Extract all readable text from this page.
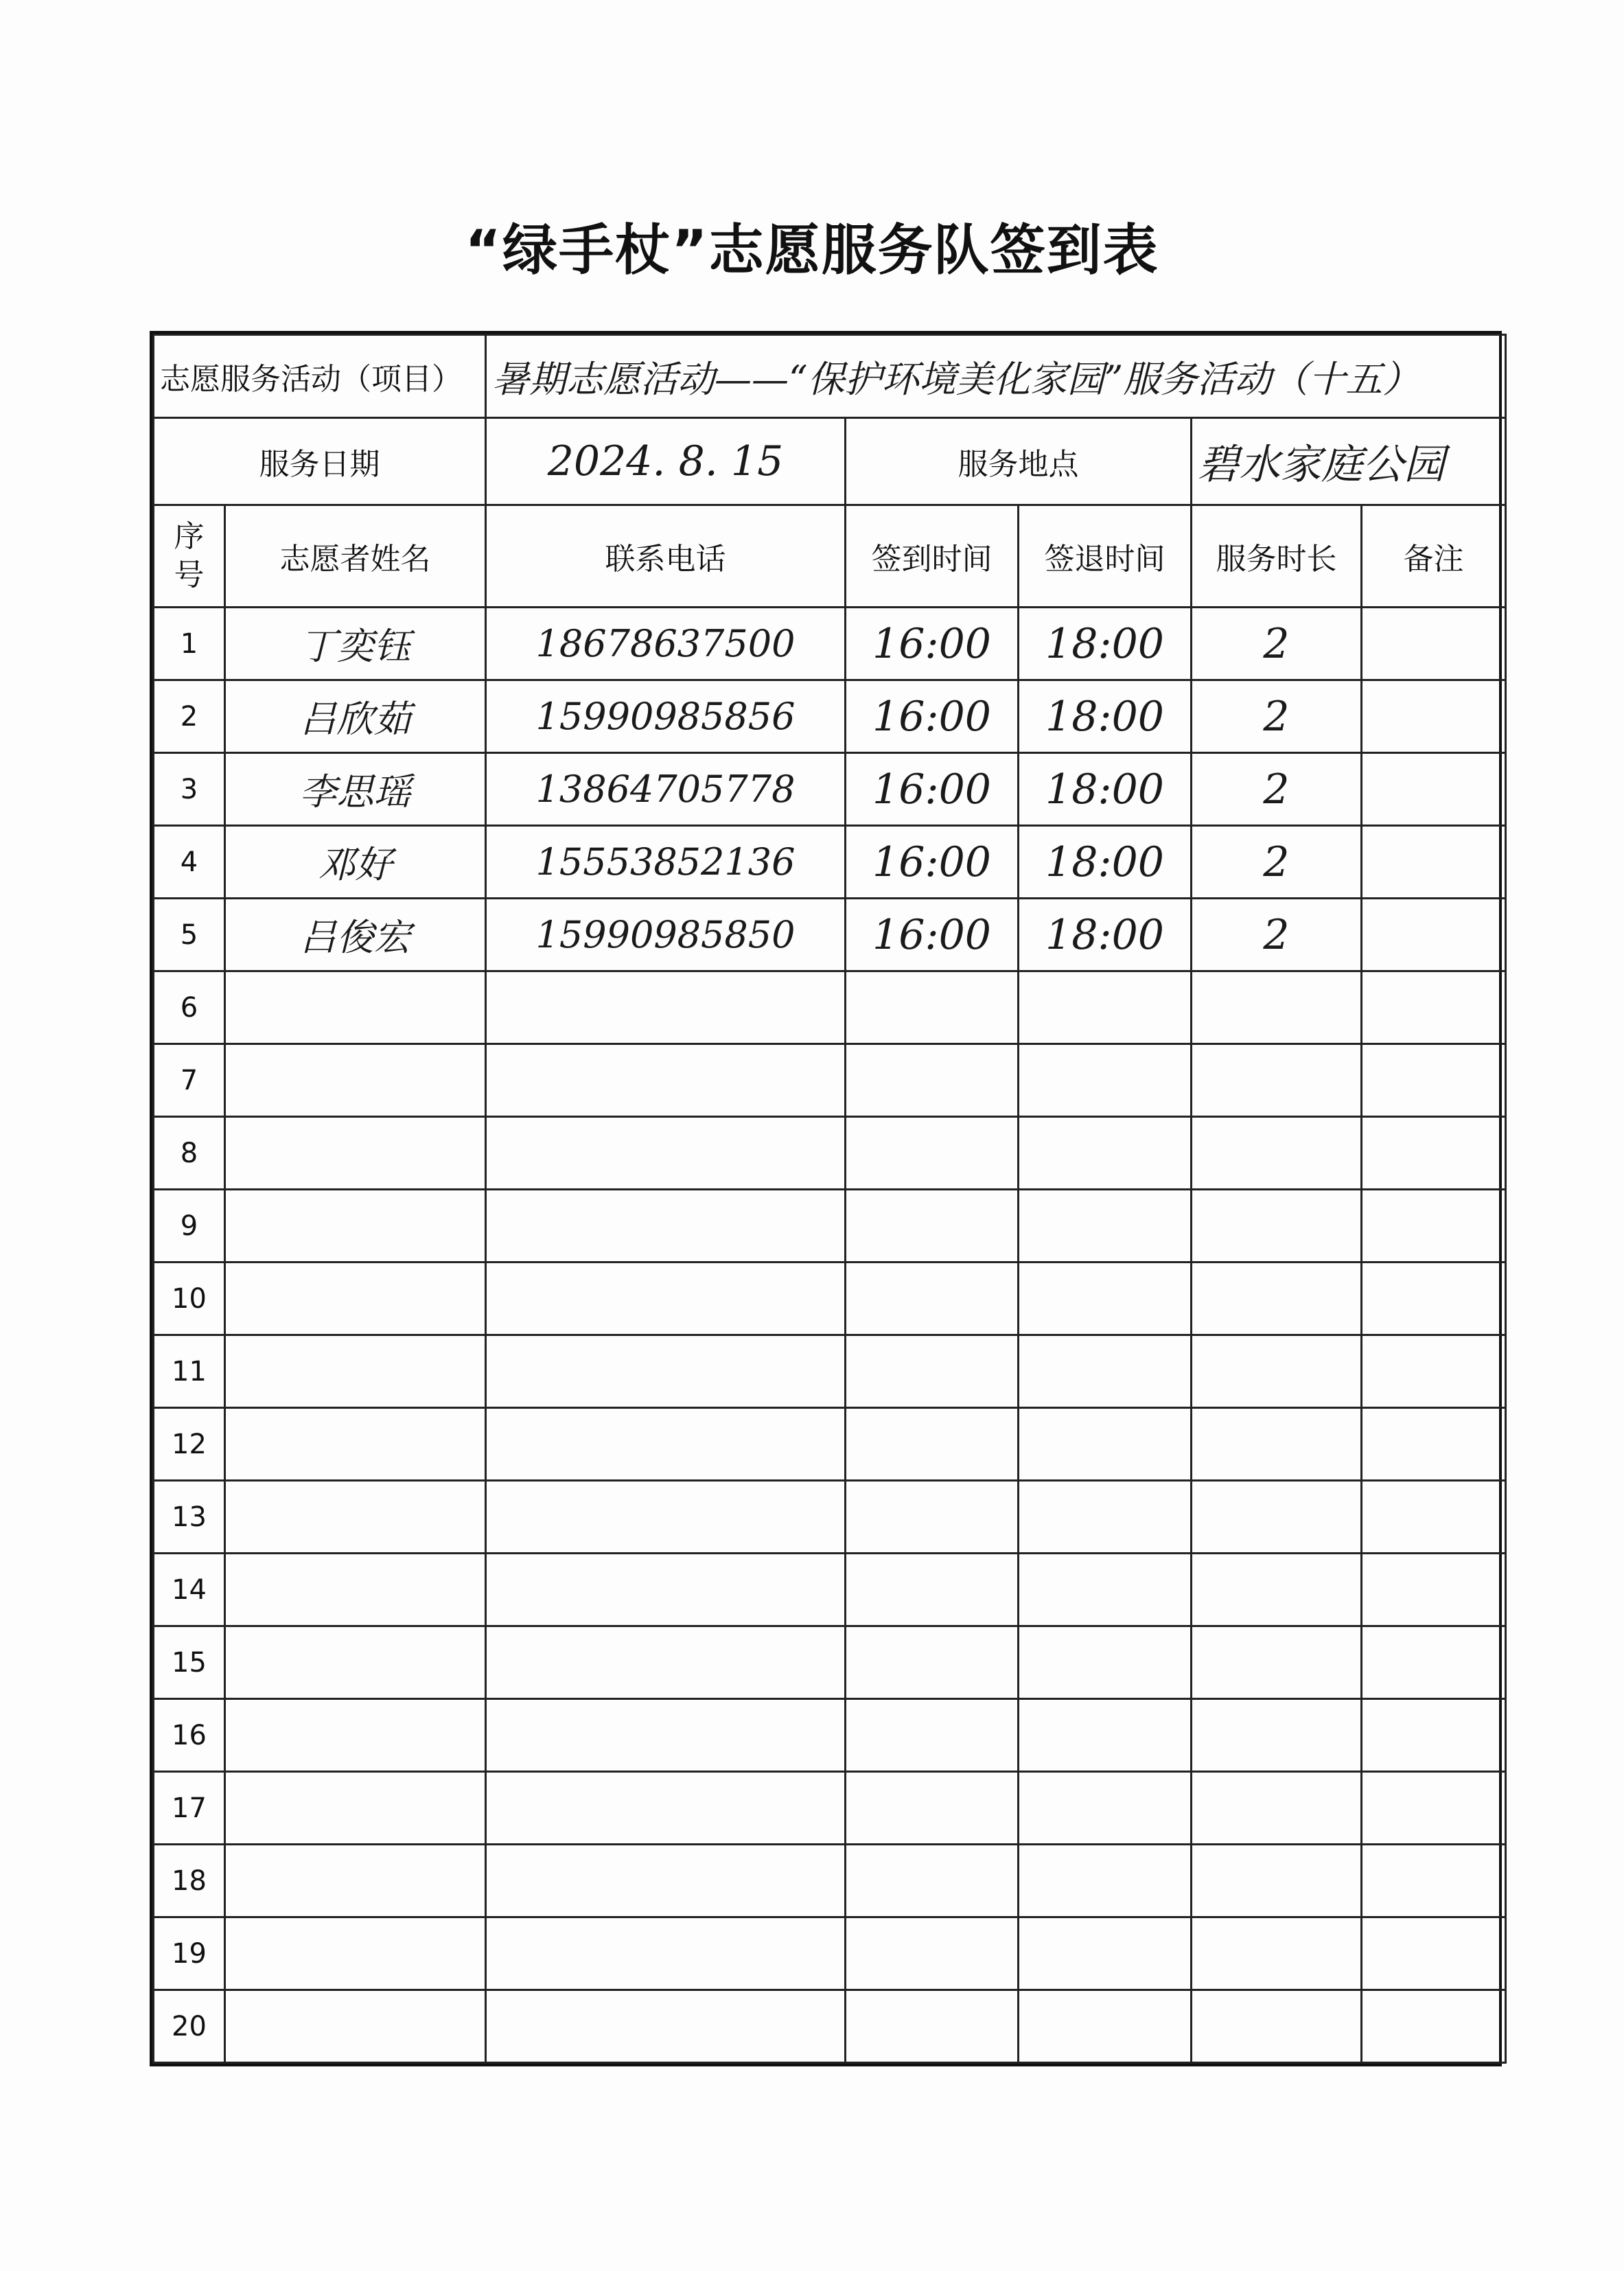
“绿手杖”志愿服务队签到表
志愿服务活动（项目）		暑期志愿活动——“保护环境美化家园”服务活动（十五）				
服务日期		2024. 8. 15	服务地点		碧水家庭公园	
序号	志愿者姓名	联系电话	签到时间	签退时间	服务时长	备注
1	丁奕钰	18678637500	16:00	18:00	2	
2	吕欣茹	15990985856	16:00	18:00	2	
3	李思瑶	13864705778	16:00	18:00	2	
4	邓好	15553852136	16:00	18:00	2	
5	吕俊宏	15990985850	16:00	18:00	2	
6						
7						
8						
9						
10						
11						
12						
13						
14						
15						
16						
17						
18						
19						
20						
